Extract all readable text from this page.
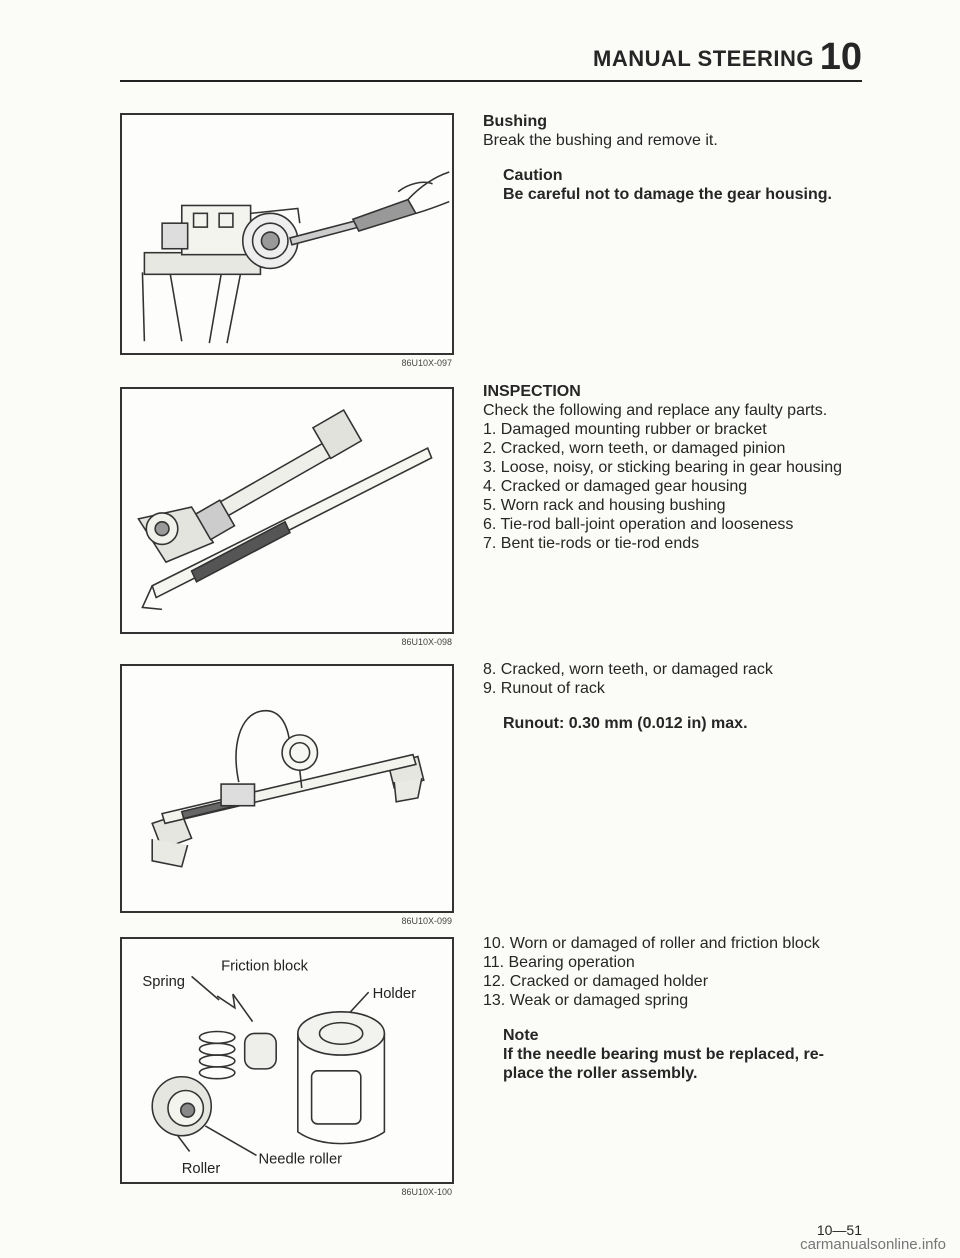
MANUAL STEERING 10
86U10X-097
86U10X-098
86U10X-099
Spring
Friction block
Holder
Needle roller
Roller
86U10X-100
Bushing
Break the bushing and remove it.
Caution
Be careful not to damage the gear housing.
INSPECTION
Check the following and replace any faulty parts.
1. Damaged mounting rubber or bracket
2. Cracked, worn teeth, or damaged pinion
3. Loose, noisy, or sticking bearing in gear housing
4. Cracked or damaged gear housing
5. Worn rack and housing bushing
6. Tie-rod ball-joint operation and looseness
7. Bent tie-rods or tie-rod ends
8. Cracked, worn teeth, or damaged rack
9. Runout of rack
Runout: 0.30 mm (0.012 in) max.
10. Worn or damaged of roller and friction block
11. Bearing operation
12. Cracked or damaged holder
13. Weak or damaged spring
Note
If the needle bearing must be replaced, re-
place the roller assembly.
10—51
carmanualsonline.info
